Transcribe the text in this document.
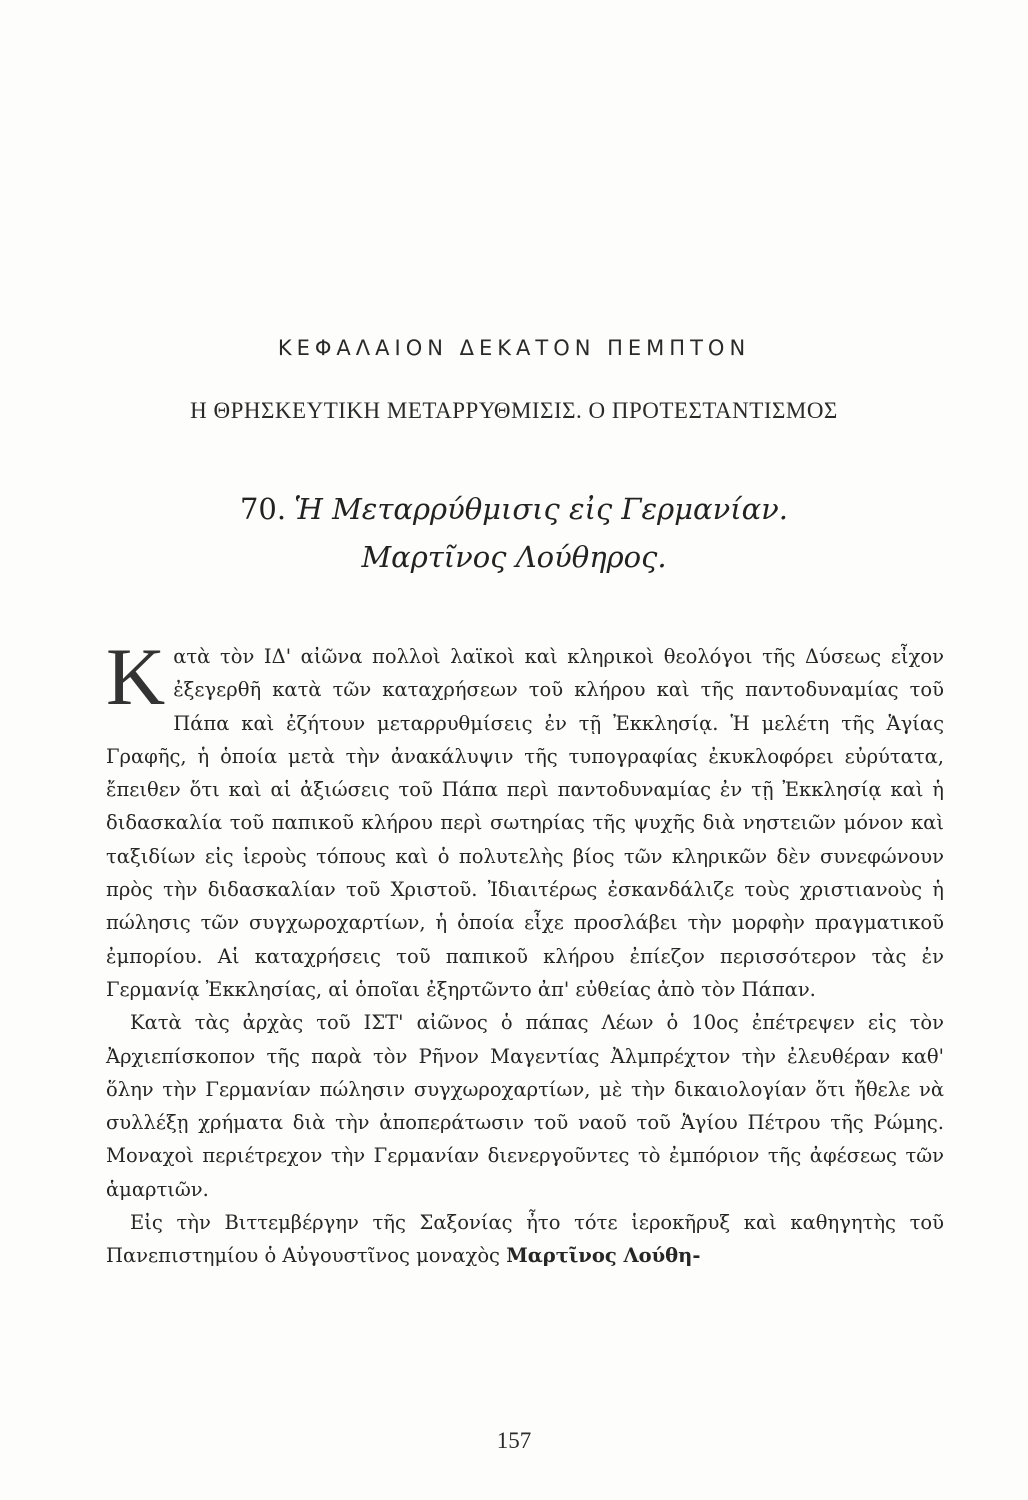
ΚΕΦΑΛΑΙΟΝ ΔΕΚΑΤΟΝ ΠΕΜΠΤΟΝ
Η ΘΡΗΣΚΕΥΤΙΚΗ ΜΕΤΑΡΡΥΘΜΙΣΙΣ. Ο ΠΡΟΤΕΣΤΑΝΤΙΣΜΟΣ
70. Ἡ Μεταρρύθμισις εἰς Γερμανίαν.
Μαρτῖνος Λούθηρος.

Κατὰ τὸν ΙΔ' αἰῶνα πολλοὶ λαϊκοὶ καὶ κληρικοὶ θεολόγοι τῆς Δύσεως εἶχον ἐξεγερθῆ κατὰ τῶν καταχρήσεων τοῦ κλήρου καὶ τῆς παντοδυναμίας τοῦ Πάπα καὶ ἐζήτουν μεταρρυθμίσεις ἐν τῇ Ἐκκλησίᾳ. Ἡ μελέτη τῆς Ἁγίας Γραφῆς, ἡ ὁποία μετὰ τὴν ἀνακάλυψιν τῆς τυπογραφίας ἐκυκλοφόρει εὐρύτατα, ἔπειθεν ὅτι καὶ αἱ ἀξιώσεις τοῦ Πάπα περὶ παντοδυναμίας ἐν τῇ Ἐκκλησίᾳ καὶ ἡ διδασκαλία τοῦ παπικοῦ κλήρου περὶ σωτηρίας τῆς ψυχῆς διὰ νηστειῶν μόνον καὶ ταξιδίων εἰς ἱεροὺς τόπους καὶ ὁ πολυτελὴς βίος τῶν κληρικῶν δὲν συνεφώνουν πρὸς τὴν διδασκαλίαν τοῦ Χριστοῦ. Ἰδιαιτέρως ἐσκανδάλιζε τοὺς χριστιανοὺς ἡ πώλησις τῶν συγχωροχαρτίων, ἡ ὁποία εἶχε προσλάβει τὴν μορφὴν πραγματικοῦ ἐμπορίου. Αἱ καταχρήσεις τοῦ παπικοῦ κλήρου ἐπίεζον περισσότερον τὰς ἐν Γερμανίᾳ Ἐκκλησίας, αἱ ὁποῖαι ἐξηρτῶντο ἀπ' εὐθείας ἀπὸ τὸν Πάπαν.

Κατὰ τὰς ἀρχὰς τοῦ ΙΣΤ' αἰῶνος ὁ πάπας Λέων ὁ 10ος ἐπέτρεψεν εἰς τὸν Ἀρχιεπίσκοπον τῆς παρὰ τὸν Ρῆνον Μαγεντίας Ἀλμπρέχτον τὴν ἐλευθέραν καθ' ὅλην τὴν Γερμανίαν πώλησιν συγχωροχαρτίων, μὲ τὴν δικαιολογίαν ὅτι ἤθελε νὰ συλλέξῃ χρήματα διὰ τὴν ἀποπεράτωσιν τοῦ ναοῦ τοῦ Ἁγίου Πέτρου τῆς Ρώμης. Μοναχοὶ περιέτρεχον τὴν Γερμανίαν διενεργοῦντες τὸ ἐμπόριον τῆς ἀφέσεως τῶν ἁμαρτιῶν.

Εἰς τὴν Βιττεμβέργην τῆς Σαξονίας ἦτο τότε ἱεροκῆρυξ καὶ καθηγητὴς τοῦ Πανεπιστημίου ὁ Αὐγουστῖνος μοναχὸς Μαρτῖνος Λούθη-

157
